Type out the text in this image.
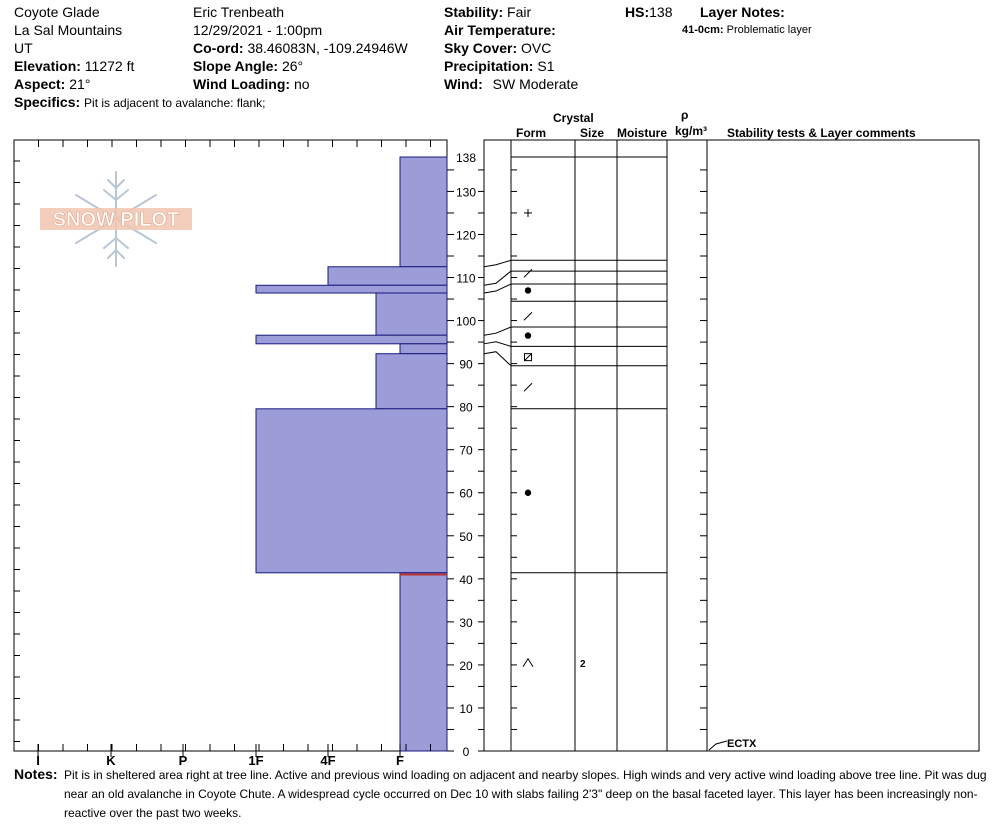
I	K	P	1F	4F	F
0
10
20
30
40
50
60
70
80
90
100
110
120
130
138
ECTX
2
Coyote Glade
La Sal Mountains
UT
Elevation: 11272 ft
Aspect: 21°
Specifics: Pit is adjacent to avalanche: flank;
Eric Trenbeath
12/29/2021 - 1:00pm
Co-ord: 38.46083N, -109.24946W
Slope Angle: 26°
Wind Loading: no
Stability: Fair
Air Temperature:
Sky Cover: OVC
Precipitation: S1
Wind: SW Moderate
HS:138 Layer Notes:
41-0cm: Problematic layer
Crystal
Form	Size Moisture
ρ
kg/m³ Stability tests & Layer comments
SNOW PILOT
Notes: Pit is in sheltered area right at tree line. Active and previous wind loading on adjacent and nearby slopes. High winds and very active wind loading above tree line. Pit was dug near an old avalanche in Coyote Chute. A widespread cycle occurred on Dec 10 with slabs failing 2'3" deep on the basal faceted layer. This layer has been increasingly non-reactive over the past two weeks.
